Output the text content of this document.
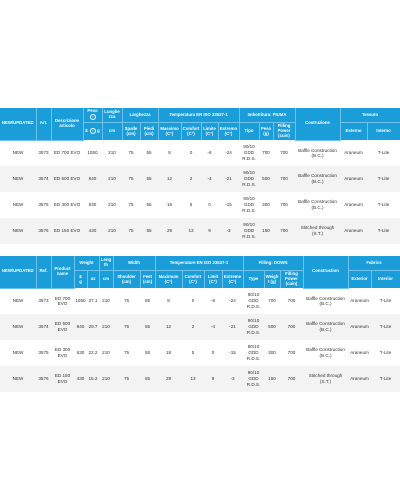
NEW/UPDATED	Art.	Descrizione articolo	Peso
i	Lunghezza	Larghezza		Temperatura EN ISO 23537-1				Imbottitura: PIUMA			Costruzione	Tessuto	
			$ i g	cm	Spalle (cm)	Piedi (cm)	Massimo (C°)	Comfort (C°)	Limite (C°)	Estremo (C°)	Tipo	Peso (g)	Filling Power (cuin)		Esterno	Interno
NEW	3573	ED 700 EVO	1050	210	75	55	8	0	-6	-24	90/10 GDD R.D.S.	700	700	Baffle Construction (B.C.)	Araneum	T-Lite
NEW	3574	ED 500 EVO	840	210	75	55	12	2	-4	-21	90/10 GDD R.D.S.	500	700	Baffle Construction (B.C.)	Araneum	T-Lite
NEW	3575	ED 300 EVO	630	210	75	55	18	5	0	-15	90/10 GDD R.D.S.	300	700	Baffle Construction (B.C.)	Araneum	T-Lite
NEW	3576	ED 150 EVO	430	210	75	55	29	13	9	-3	90/10 GDD R.D.S.	150	700	Stitched through (S.T.)	Araneum	T-Lite
NEW/UPDATED	Ref.	Product name	Weight		Length	Width		Temperature EN ISO 23537-1				Filling: DOWN			Construction	Fabrics	
			$
g	oz	cm	Shoulder (cm)	Feet (cm)	Maximum (C°)	Comfort (C°)	Limit (C°)	Extreme (C°)	Type	Weight (g)	Filling Power (cuin)		Exterior	Interior
NEW	3573	ED 700 EVO	1050	37.1	210	75	55	8	0	-6	-24	90/10 GDD R.D.S.	700	700	Baffle Construction (B.C.)	Araneum	T-Lite
NEW	3574	ED 500 EVO	840	29.7	210	75	55	12	2	-4	-21	90/10 GDD R.D.S.	500	700	Baffle Construction (B.C.)	Araneum	T-Lite
NEW	3575	ED 300 EVO	630	22.2	210	75	55	18	5	0	-15	90/10 GDD R.D.S.	300	700	Baffle Construction (B.C.)	Araneum	T-Lite
NEW	3576	ED 150 EVO	430	15.2	210	75	55	29	13	9	-3	90/10 GDD R.D.S.	150	700	Stitched through (S.T.)	Araneum	T-Lite
